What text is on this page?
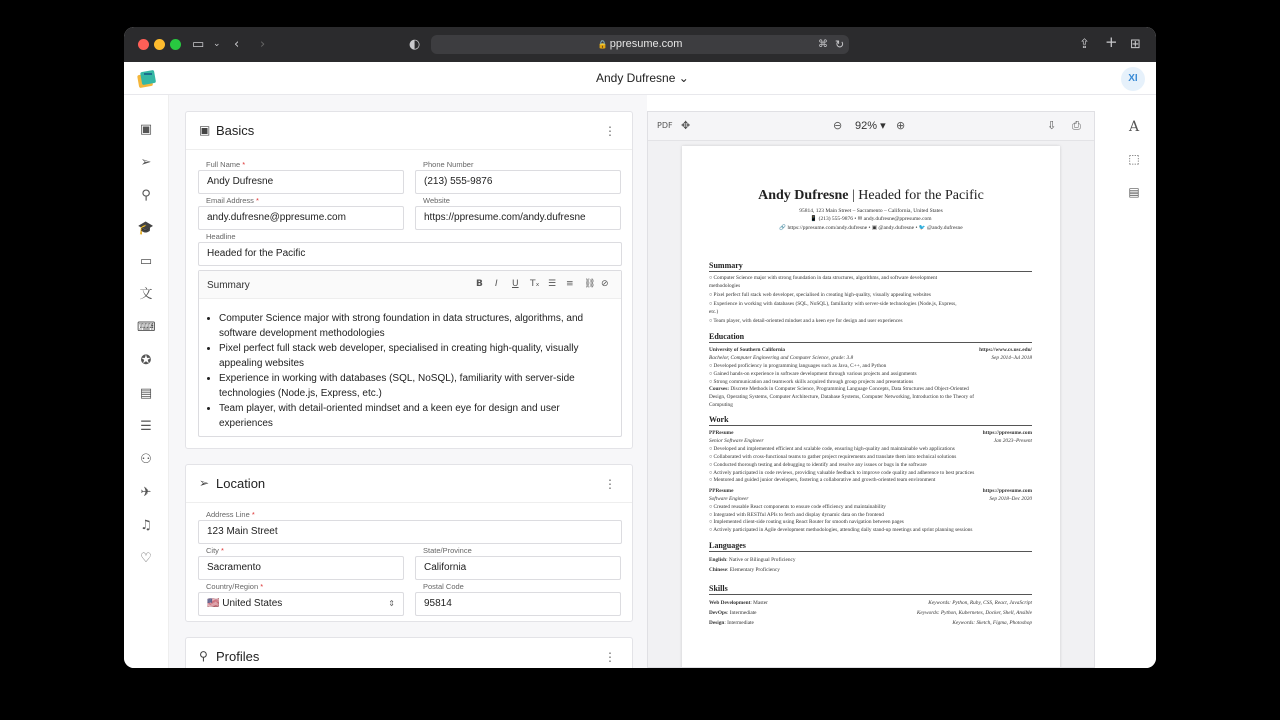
▭ ⌄ ‹ ›	◐	🔒 ppresume.com	⌘ ↻	⇪ + ⊞
Andy Dufresne ⌄	XI
▣
➢
⚲
🎓
▭
文
⌨
✪
▤
☰
⚇
✈
♫
♡
▣ Basics	⋮
Full Name *
Andy Dufresne
Phone Number
(213) 555-9876
Email Address *
andy.dufresne@ppresume.com
Website
https://ppresume.com/andy.dufresne
Headline
Headed for the Pacific
Summary	B I U Tₓ ☰ ≡ ⛓ ⊘
• Computer Science major with strong foundation in data structures, algorithms, and software development methodologies
• Pixel perfect full stack web developer, specialised in creating high-quality, visually appealing websites
• Experience in working with databases (SQL, NoSQL), familiarity with server-side technologies (Node.js, Express, etc.)
• Team player, with detail-oriented mindset and a keen eye for design and user experiences
➢ Location	⋮
Address Line *
123 Main Street
City *
Sacramento
State/Province
California
Country/Region *
🇺🇸 United States	⇕
Postal Code
95814
⚲ Profiles	⋮
PDF ✥	⊖ 92% ▾ ⊕	⇩ ⎙
Andy Dufresne | Headed for the Pacific
95814, 123 Main Street – Sacramento – California, United States
📱 (213) 555-9876 • ✉ andy.dufresne@ppresume.com
🔗 https://ppresume.com/andy.dufresne • ▣ @andy.dufresne • 🐦 @andy.dufresne
Summary
○ Computer Science major with strong foundation in data structures, algorithms, and software development
methodologies
○ Pixel perfect full stack web developer, specialised in creating high-quality, visually appealing websites
○ Experience in working with databases (SQL, NoSQL), familiarity with server-side technologies (Node.js, Express,
etc.)
○ Team player, with detail-oriented mindset and a keen eye for design and user experiences
Education
University of Southern California	https://www.cs.usc.edu/
Bachelor, Computer Engineering and Computer Science, grade: 3.8	Sep 2014–Jul 2018
○ Developed proficiency in programming languages such as Java, C++, and Python
○ Gained hands-on experience in software development through various projects and assignments
○ Strong communication and teamwork skills acquired through group projects and presentations
Courses: Discrete Methods in Computer Science, Programming Language Concepts, Data Structures and Object-Oriented
Design, Operating Systems, Computer Architecture, Database Systems, Computer Networking, Introduction to the Theory of
Computing
Work
PPResume	https://ppresume.com
Senior Software Engineer	Jan 2023–Present
○ Developed and implemented efficient and scalable code, ensuring high-quality and maintainable web applications
○ Collaborated with cross-functional teams to gather project requirements and translate them into technical solutions
○ Conducted thorough testing and debugging to identify and resolve any issues or bugs in the software
○ Actively participated in code reviews, providing valuable feedback to improve code quality and adherence to best practices
○ Mentored and guided junior developers, fostering a collaborative and growth-oriented team environment
PPResume	https://ppresume.com
Software Engineer	Sep 2018–Dec 2020
○ Created reusable React components to ensure code efficiency and maintainability
○ Integrated with RESTful APIs to fetch and display dynamic data on the frontend
○ Implemented client-side routing using React Router for smooth navigation between pages
○ Actively participated in Agile development methodologies, attending daily stand-up meetings and sprint planning sessions
Languages
English: Native or Bilingual Proficiency
Chinese: Elementary Proficiency
Skills
Web Development: Master	Keywords: Python, Ruby, CSS, React, JavaScript
DevOps: Intermediate	Keywords: Python, Kubernetes, Docker, Shell, Ansible
Design: Intermediate	Keywords: Sketch, Figma, Photoshop
A
⬚
▤
